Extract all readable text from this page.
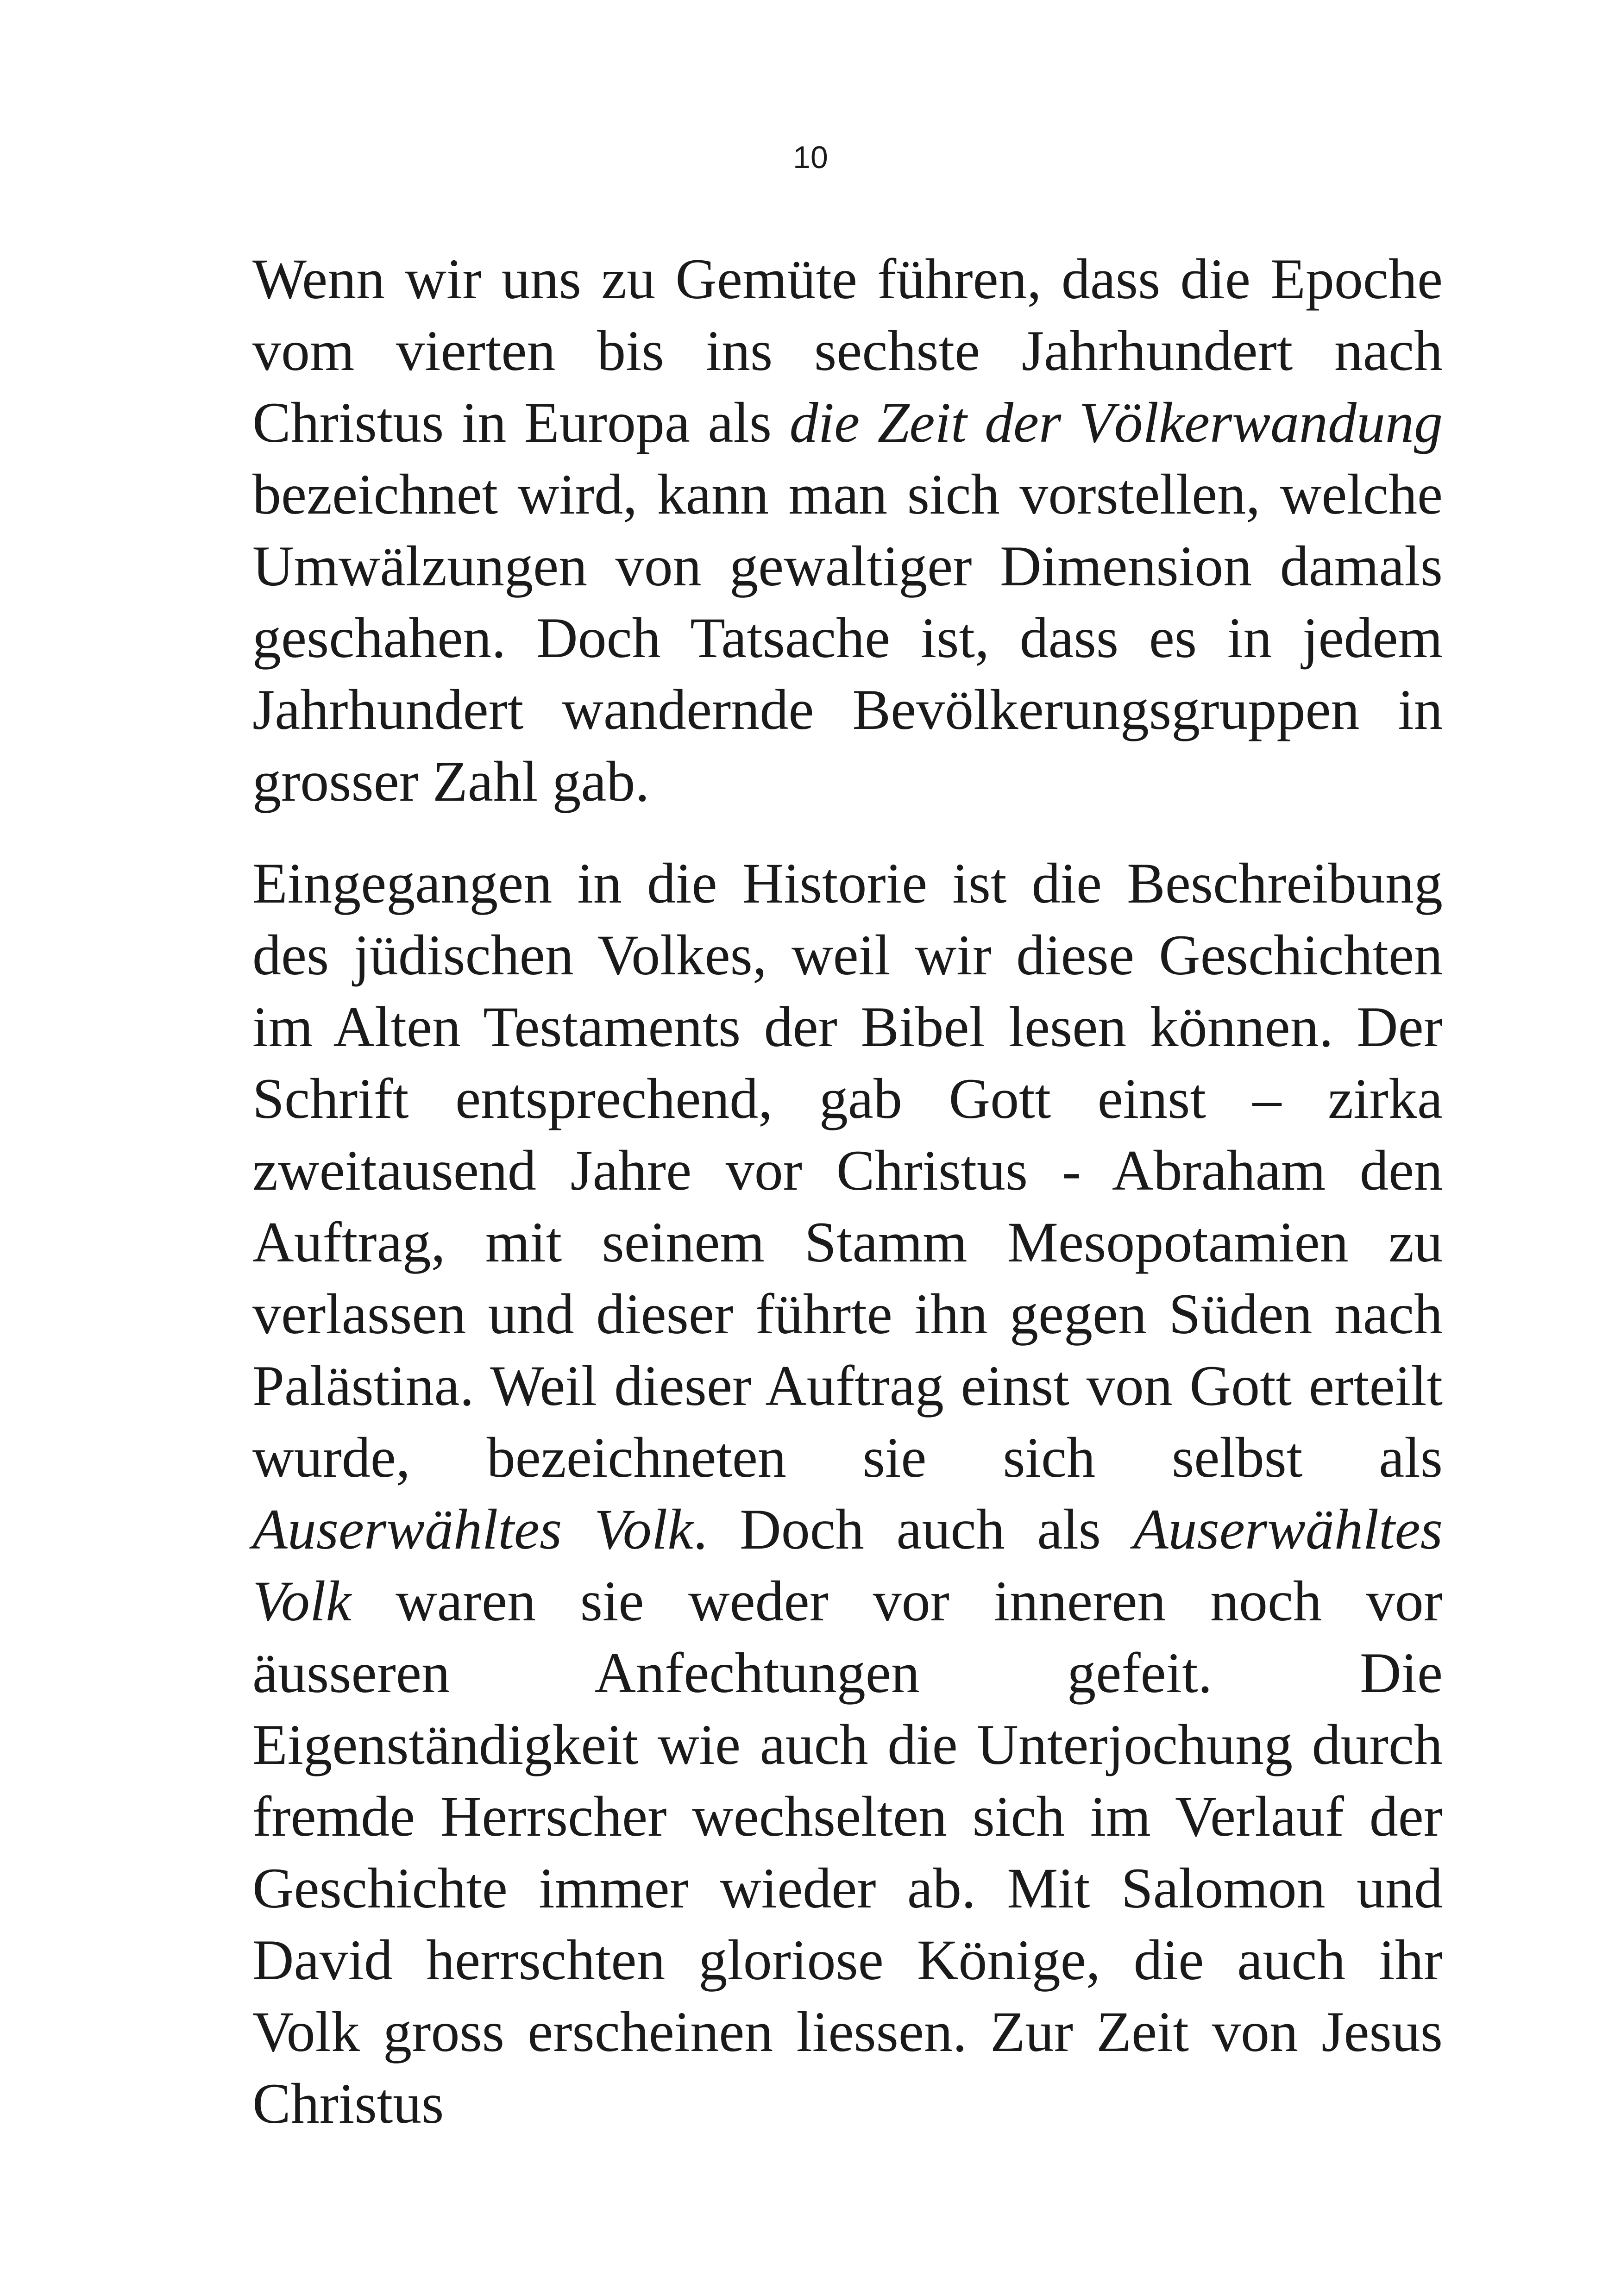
10

Wenn wir uns zu Gemüte führen, dass die Epoche vom vierten bis ins sechste Jahrhundert nach Christus in Europa als die Zeit der Völkerwandung bezeichnet wird, kann man sich vorstellen, welche Umwälzungen von gewaltiger Dimension damals geschahen. Doch Tatsache ist, dass es in jedem Jahrhundert wandernde Bevölkerungsgruppen in grosser Zahl gab.

Eingegangen in die Historie ist die Beschreibung des jüdischen Volkes, weil wir diese Geschichten im Alten Testaments der Bibel lesen können. Der Schrift entsprechend, gab Gott einst – zirka zweitausend Jahre vor Christus - Abraham den Auftrag, mit seinem Stamm Mesopotamien zu verlassen und dieser führte ihn gegen Süden nach Palästina. Weil dieser Auftrag einst von Gott erteilt wurde, bezeichneten sie sich selbst als Auserwähltes Volk. Doch auch als Auserwähltes Volk waren sie weder vor inneren noch vor äusseren	Anfechtungen gefeit. Die Eigenständigkeit wie auch die Unterjochung durch fremde Herrscher wechselten sich im Verlauf der Geschichte immer wieder ab. Mit Salomon und David herrschten gloriose Könige, die auch ihr Volk gross erscheinen liessen. Zur Zeit von Jesus Christus
